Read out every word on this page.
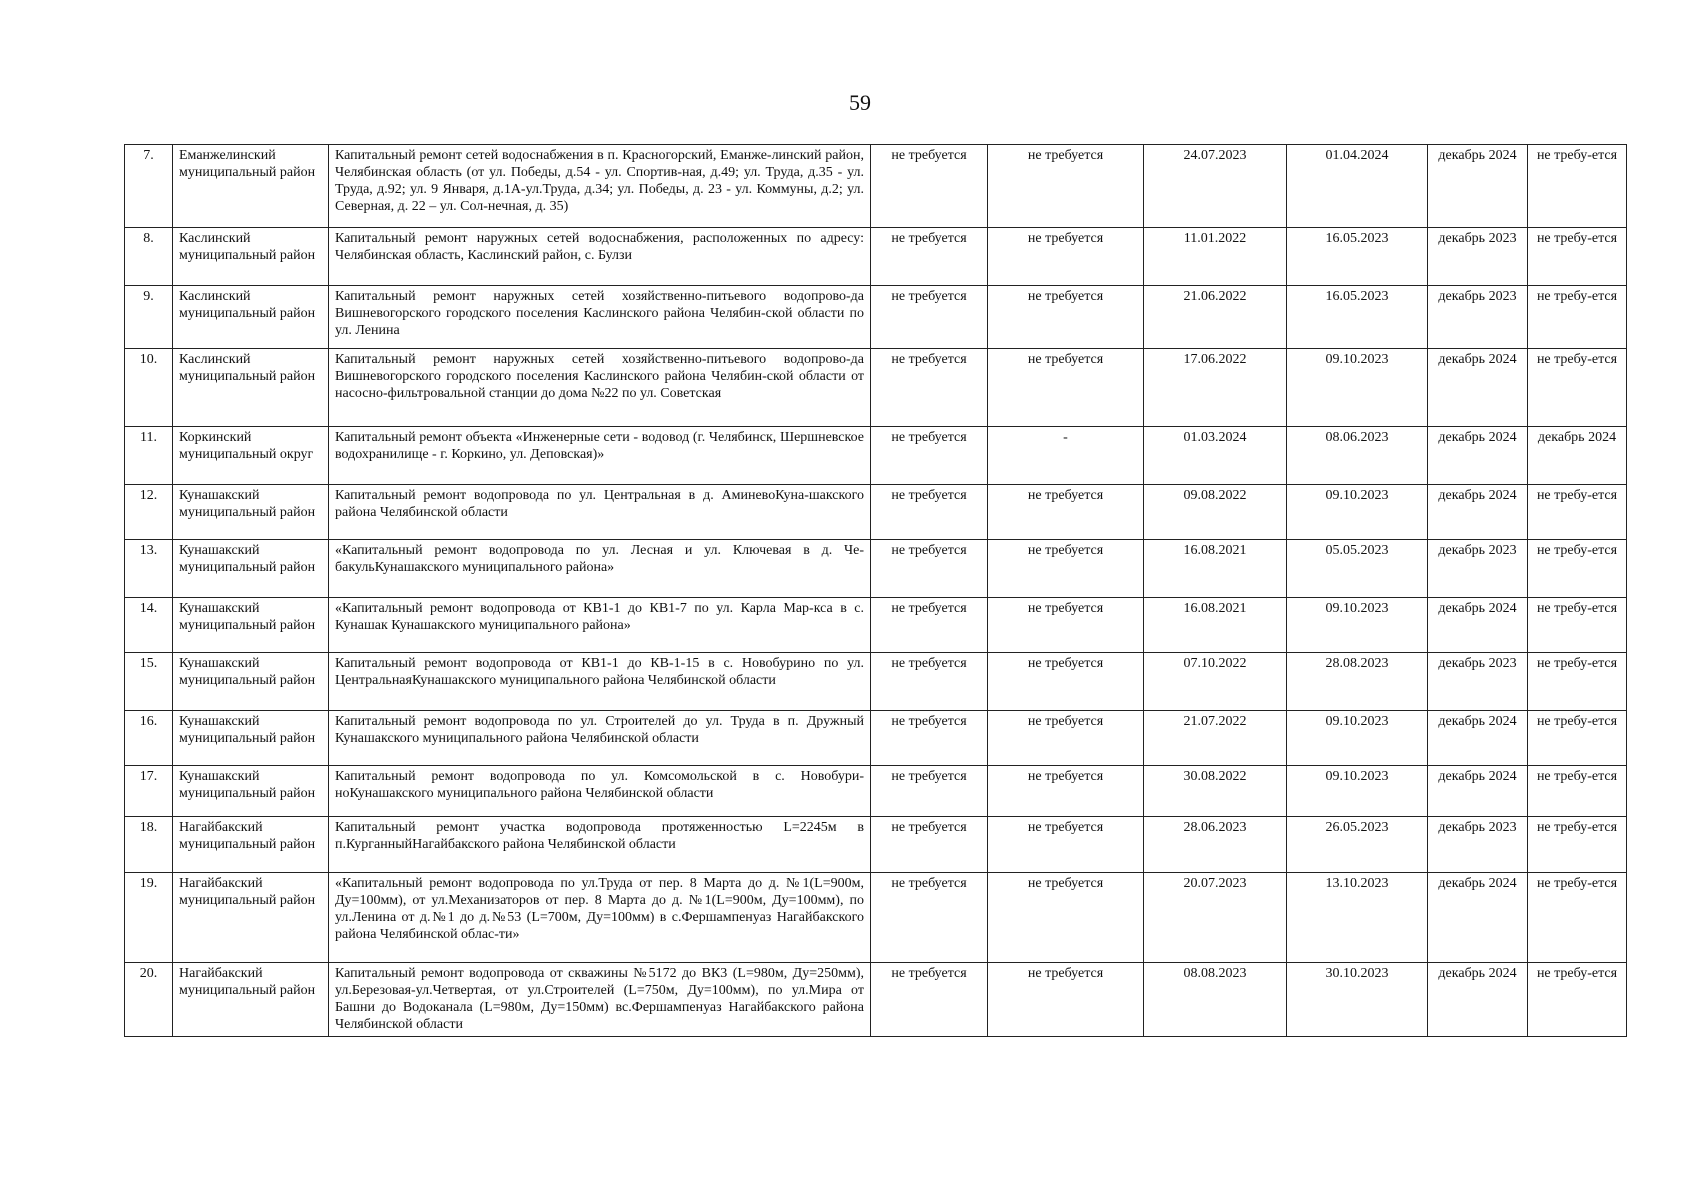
59
7.	Еманжелинский муниципальный район	Капитальный ремонт сетей водоснабжения в п. Красногорский, Еманже-линский район, Челябинская область (от ул. Победы, д.54 - ул. Спортив-ная, д.49; ул. Труда, д.35 - ул. Труда, д.92; ул. 9 Января, д.1А-ул.Труда, д.34; ул. Победы, д. 23 - ул. Коммуны, д.2; ул. Северная, д. 22 – ул. Сол-нечная, д. 35)	не требуется	не требуется	24.07.2023	01.04.2024	декабрь 2024	не требу-ется
8.	Каслинский муниципальный район	Капитальный ремонт наружных сетей водоснабжения, расположенных по адресу: Челябинская область, Каслинский район, с. Булзи	не требуется	не требуется	11.01.2022	16.05.2023	декабрь 2023	не требу-ется
9.	Каслинский муниципальный район	Капитальный ремонт наружных сетей хозяйственно-питьевого водопрово-да Вишневогорского городского поселения Каслинского района Челябин-ской области по ул. Ленина	не требуется	не требуется	21.06.2022	16.05.2023	декабрь 2023	не требу-ется
10.	Каслинский муниципальный район	Капитальный ремонт наружных сетей хозяйственно-питьевого водопрово-да Вишневогорского городского поселения Каслинского района Челябин-ской области от насосно-фильтровальной станции до дома №22 по ул. Советская	не требуется	не требуется	17.06.2022	09.10.2023	декабрь 2024	не требу-ется
11.	Коркинский муниципальный округ	Капитальный ремонт объекта «Инженерные сети - водовод (г. Челябинск, Шершневское водохранилище - г. Коркино, ул. Деповская)»	не требуется	-	01.03.2024	08.06.2023	декабрь 2024	декабрь 2024
12.	Кунашакский муниципальный район	Капитальный ремонт водопровода по ул. Центральная в д. АминевоКуна-шакского района Челябинской области	не требуется	не требуется	09.08.2022	09.10.2023	декабрь 2024	не требу-ется
13.	Кунашакский муниципальный район	«Капитальный ремонт водопровода по ул. Лесная и ул. Ключевая в д. Че-бакульКунашакского муниципального района»	не требуется	не требуется	16.08.2021	05.05.2023	декабрь 2023	не требу-ется
14.	Кунашакский муниципальный район	«Капитальный ремонт водопровода от КВ1-1 до КВ1-7 по ул. Карла Мар-кса в с. Кунашак Кунашакского муниципального района»	не требуется	не требуется	16.08.2021	09.10.2023	декабрь 2024	не требу-ется
15.	Кунашакский муниципальный район	Капитальный ремонт водопровода от КВ1-1 до КВ-1-15 в с. Новобурино по ул. ЦентральнаяКунашакского муниципального района Челябинской области	не требуется	не требуется	07.10.2022	28.08.2023	декабрь 2023	не требу-ется
16.	Кунашакский муниципальный район	Капитальный ремонт водопровода по ул. Строителей до ул. Труда в п. Дружный Кунашакского муниципального района Челябинской области	не требуется	не требуется	21.07.2022	09.10.2023	декабрь 2024	не требу-ется
17.	Кунашакский муниципальный район	Капитальный ремонт водопровода по ул. Комсомольской в с. Новобури-ноКунашакского муниципального района Челябинской области	не требуется	не требуется	30.08.2022	09.10.2023	декабрь 2024	не требу-ется
18.	Нагайбакский муниципальный район	Капитальный ремонт участка водопровода протяженностью L=2245м в п.КурганныйНагайбакского района Челябинской области	не требуется	не требуется	28.06.2023	26.05.2023	декабрь 2023	не требу-ется
19.	Нагайбакский муниципальный район	«Капитальный ремонт водопровода по ул.Труда от пер. 8 Марта до д. №1(L=900м, Ду=100мм), от ул.Механизаторов от пер. 8 Марта до д. №1(L=900м, Ду=100мм), по ул.Ленина от д.№1 до д.№53 (L=700м, Ду=100мм) в с.Фершампенуаз Нагайбакского района Челябинской облас-ти»	не требуется	не требуется	20.07.2023	13.10.2023	декабрь 2024	не требу-ется
20.	Нагайбакский муниципальный район	Капитальный ремонт водопровода от скважины №5172 до ВК3 (L=980м, Ду=250мм), ул.Березовая-ул.Четвертая, от ул.Строителей (L=750м, Ду=100мм), по ул.Мира от Башни до Водоканала (L=980м, Ду=150мм) вс.Фершампенуаз Нагайбакского района Челябинской области	не требуется	не требуется	08.08.2023	30.10.2023	декабрь 2024	не требу-ется
